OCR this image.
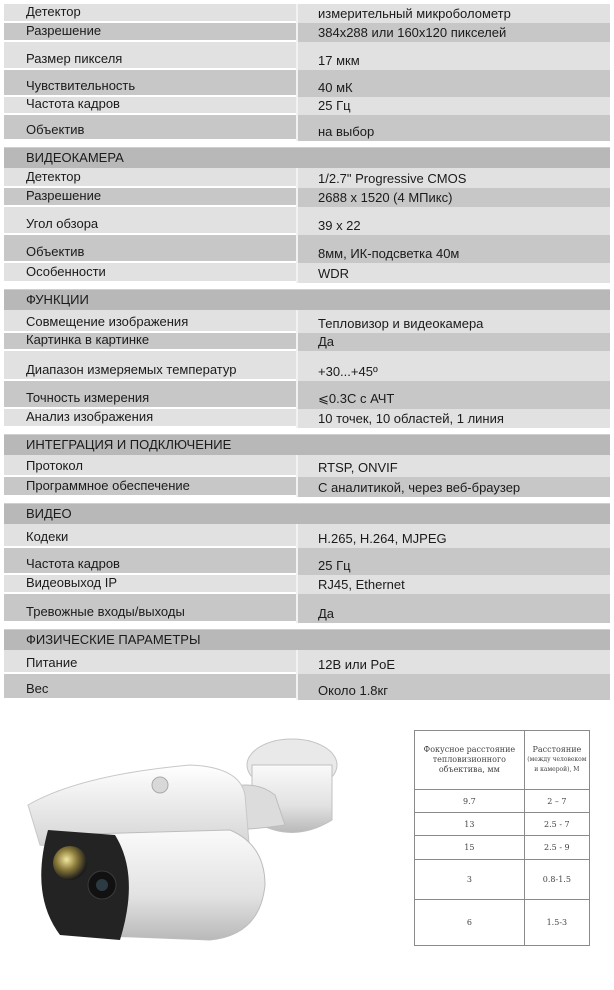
Детектор	измерительный микроболометр
Разрешение	384x288 или 160x120 пикселей
Размер пикселя	17 мкм
Чувствительность	40 мК
Частота кадров	25 Гц
Объектив	на выбор
ВИДЕОКАМЕРА
Детектор	1/2.7" Progressive CMOS
Разрешение	2688 x 1520 (4 МПикс)
Угол обзора	39 x 22
Объектив	8мм, ИК-подсветка 40м
Особенности	WDR
ФУНКЦИИ
Совмещение изображения	Тепловизор и видеокамера
Картинка в картинке	Да
Диапазон измеряемых температур	+30...+45º
Точность измерения	⩽0.3C с АЧТ
Анализ изображения	10 точек, 10 областей, 1 линия
ИНТЕГРАЦИЯ И ПОДКЛЮЧЕНИЕ
Протокол	RTSP, ONVIF
Программное обеспечение	С аналитикой, через веб-браузер
ВИДЕО
Кодеки	H.265, H.264, MJPEG
Частота кадров	25 Гц
Видеовыход IP	RJ45, Ethernet
Тревожные входы/выходы	Да
ФИЗИЧЕСКИЕ ПАРАМЕТРЫ
Питание	12В или PoE
Вес	Около 1.8кг
Фокусное расстояние тепловизионного объектива, мм	Расстояние
(между человеком и камерой), М

9.7	2 – 7
13	2.5 - 7
15	2.5 - 9
3	0.8-1.5
6	1.5-3
